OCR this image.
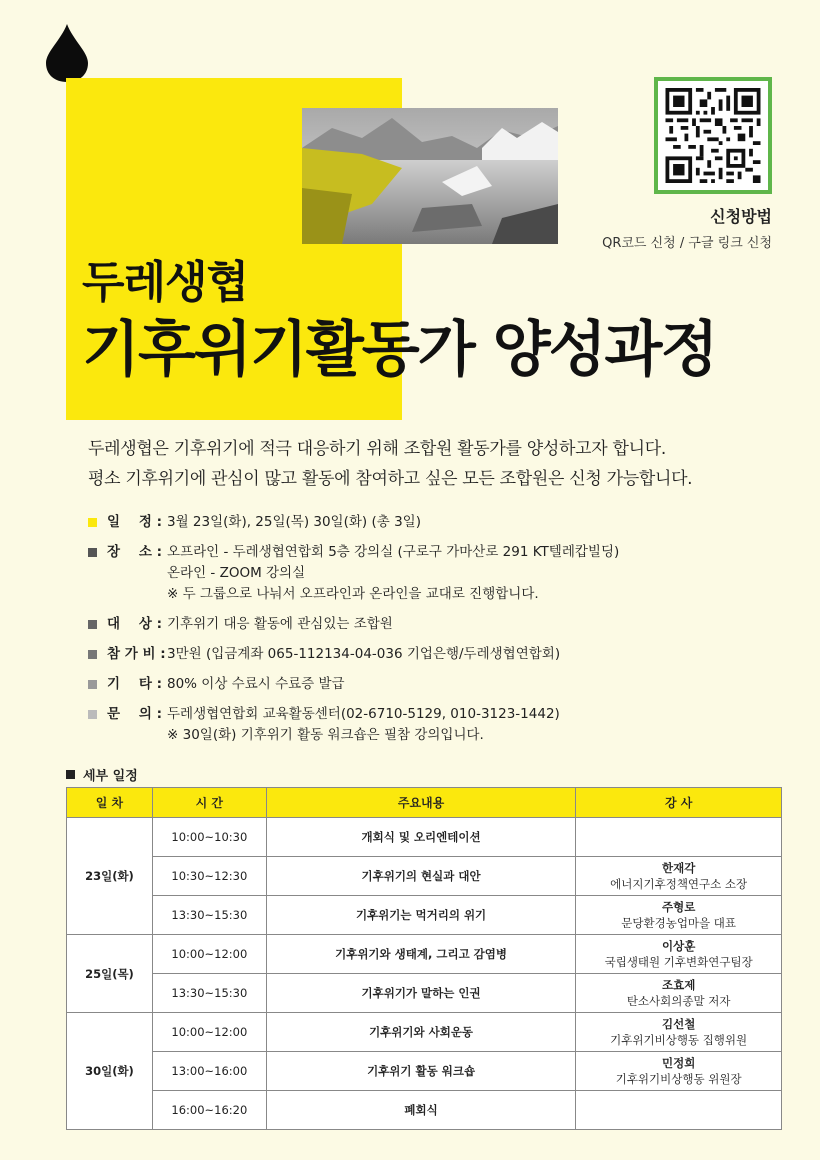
신청방법
QR코드 신청 / 구글 링크 신청
두레생협
기후위기활동가 양성과정
두레생협은 기후위기에 적극 대응하기 위해 조합원 활동가를 양성하고자 합니다.
평소 기후위기에 관심이 많고 활동에 참여하고 싶은 모든 조합원은 신청 가능합니다.
일    정 : 3월 23일(화), 25일(목) 30일(화) (총 3일)
장    소 : 오프라인 - 두레생협연합회 5층 강의실 (구로구 가마산로 291 KT텔레캅빌딩)
온라인 - ZOOM 강의실
※ 두 그룹으로 나눠서 오프라인과 온라인을 교대로 진행합니다.
대    상 : 기후위기 대응 활동에 관심있는 조합원
참 가 비 : 3만원 (입금계좌 065-112134-04-036 기업은행/두레생협연합회)
기    타 : 80% 이상 수료시 수료증 발급
문    의 : 두레생협연합회 교육활동센터(02-6710-5129, 010-3123-1442)
※ 30일(화) 기후위기 활동 워크숍은 필참 강의입니다.
세부 일정
일 차	시 간	주요내용	강 사
23일(화)	10:00~10:30	개회식 및 오리엔테이션	

	10:30~12:30	기후위기의 현실과 대안	한재각
에너지기후정책연구소 소장

	13:30~15:30	기후위기는 먹거리의 위기	주형로
문당환경농업마을 대표

25일(목)	10:00~12:00	기후위기와 생태계, 그리고 감염병	이상훈
국립생태원 기후변화연구팀장

	13:30~15:30	기후위기가 말하는 인권	조효제
탄소사회의종말 저자

30일(화)	10:00~12:00	기후위기와 사회운동	김선철
기후위기비상행동 집행위원

	13:00~16:00	기후위기 활동 워크숍	민정희
기후위기비상행동 위원장

	16:00~16:20	폐회식	
